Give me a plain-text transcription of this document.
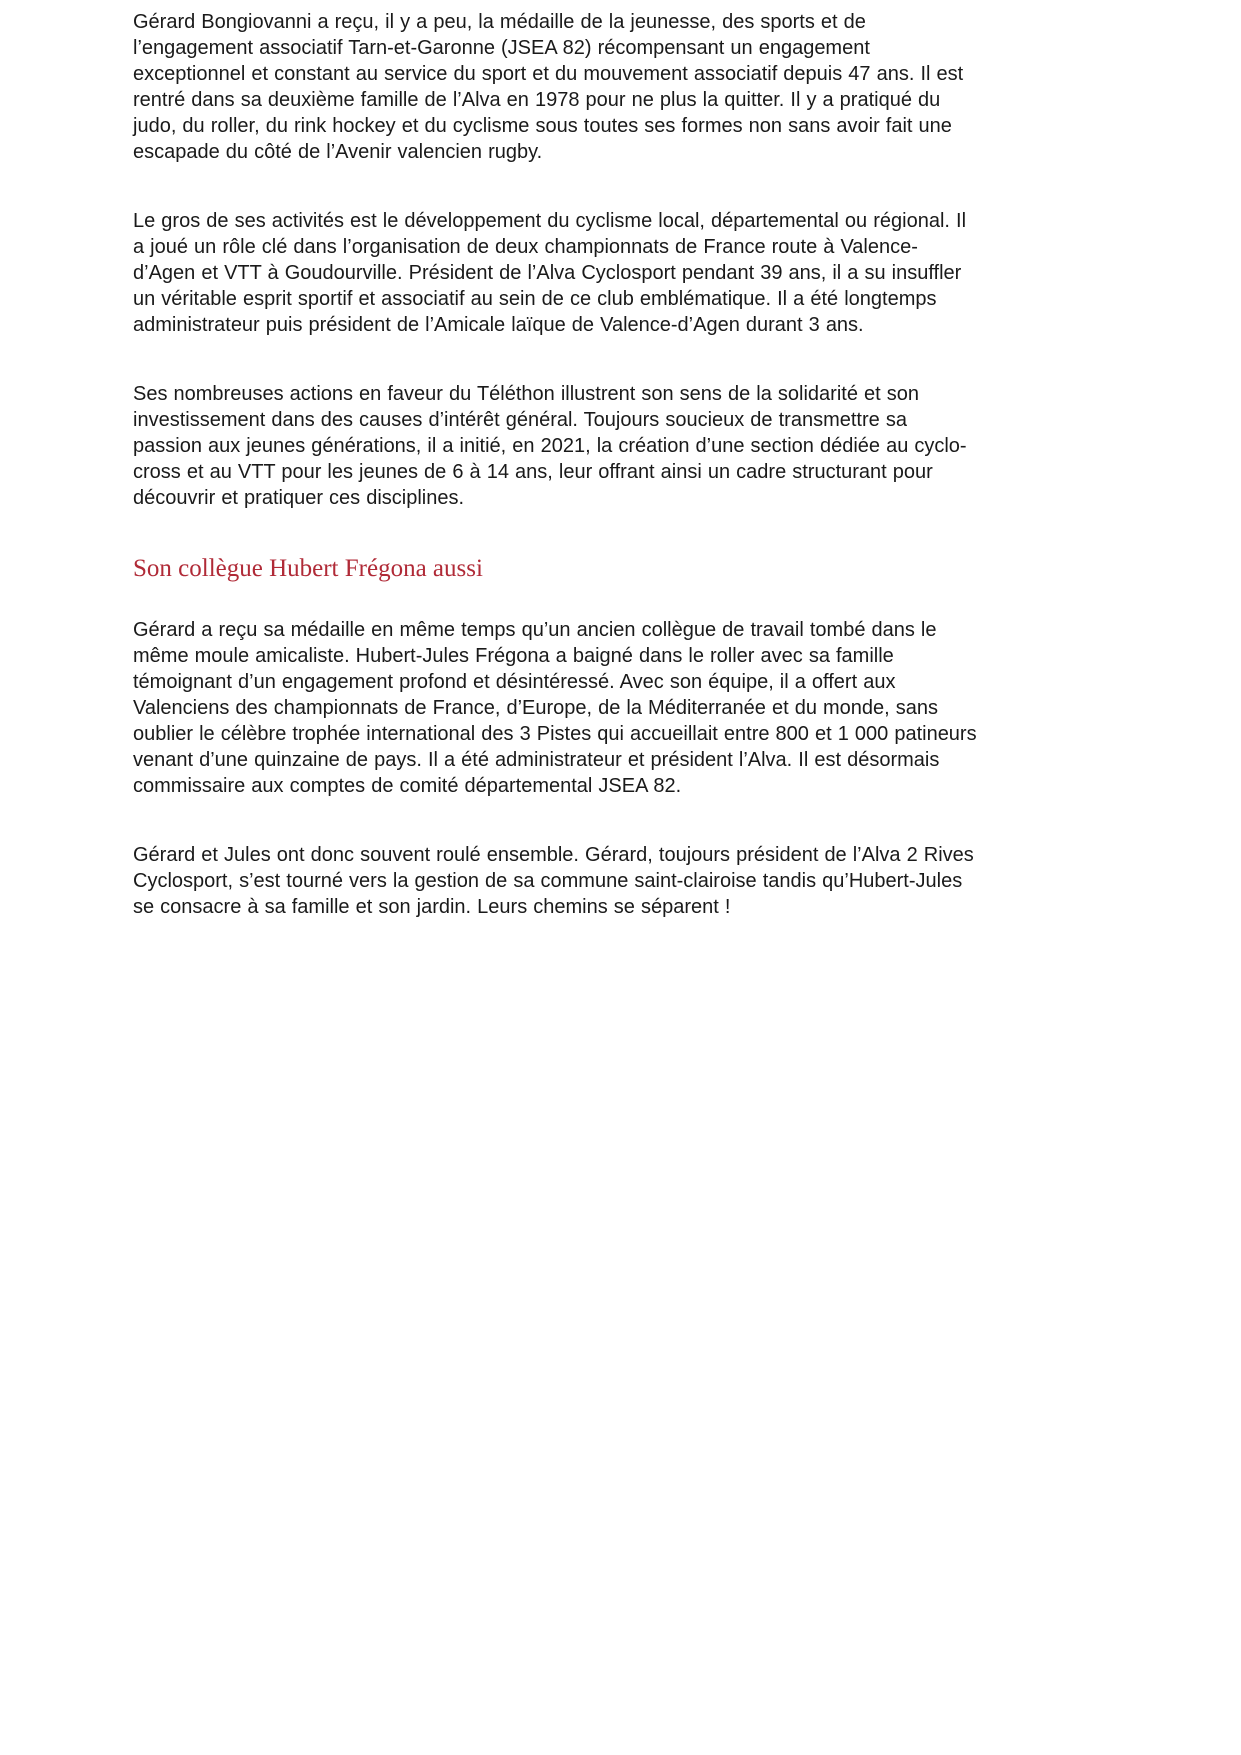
Gérard Bongiovanni a reçu, il y a peu, la médaille de la jeunesse, des sports et de l’engagement associatif Tarn-et-Garonne (JSEA 82) récompensant un engagement exceptionnel et constant au service du sport et du mouvement associatif depuis 47 ans. Il est rentré dans sa deuxième famille de l’Alva en 1978 pour ne plus la quitter. Il y a pratiqué du judo, du roller, du rink hockey et du cyclisme sous toutes ses formes non sans avoir fait une escapade du côté de l’Avenir valencien rugby.

Le gros de ses activités est le développement du cyclisme local, départemental ou régional. Il a joué un rôle clé dans l’organisation de deux championnats de France route à Valence-d’Agen et VTT à Goudourville. Président de l’Alva Cyclosport pendant 39 ans, il a su insuffler un véritable esprit sportif et associatif au sein de ce club emblématique. Il a été longtemps administrateur puis président de l’Amicale laïque de Valence-d’Agen durant 3 ans.

Ses nombreuses actions en faveur du Téléthon illustrent son sens de la solidarité et son investissement dans des causes d’intérêt général. Toujours soucieux de transmettre sa passion aux jeunes générations, il a initié, en 2021, la création d’une section dédiée au cyclo-cross et au VTT pour les jeunes de 6 à 14 ans, leur offrant ainsi un cadre structurant pour découvrir et pratiquer ces disciplines.

Son collègue Hubert Frégona aussi

Gérard a reçu sa médaille en même temps qu’un ancien collègue de travail tombé dans le même moule amicaliste. Hubert-Jules Frégona a baigné dans le roller avec sa famille témoignant d’un engagement profond et désintéressé. Avec son équipe, il a offert aux Valenciens des championnats de France, d’Europe, de la Méditerranée et du monde, sans oublier le célèbre trophée international des 3 Pistes qui accueillait entre 800 et 1 000 patineurs venant d’une quinzaine de pays. Il a été administrateur et président l’Alva. Il est désormais commissaire aux comptes de comité départemental JSEA 82.

Gérard et Jules ont donc souvent roulé ensemble. Gérard, toujours président de l’Alva 2 Rives Cyclosport, s’est tourné vers la gestion de sa commune saint-clairoise tandis qu’Hubert-Jules se consacre à sa famille et son jardin. Leurs chemins se séparent !
